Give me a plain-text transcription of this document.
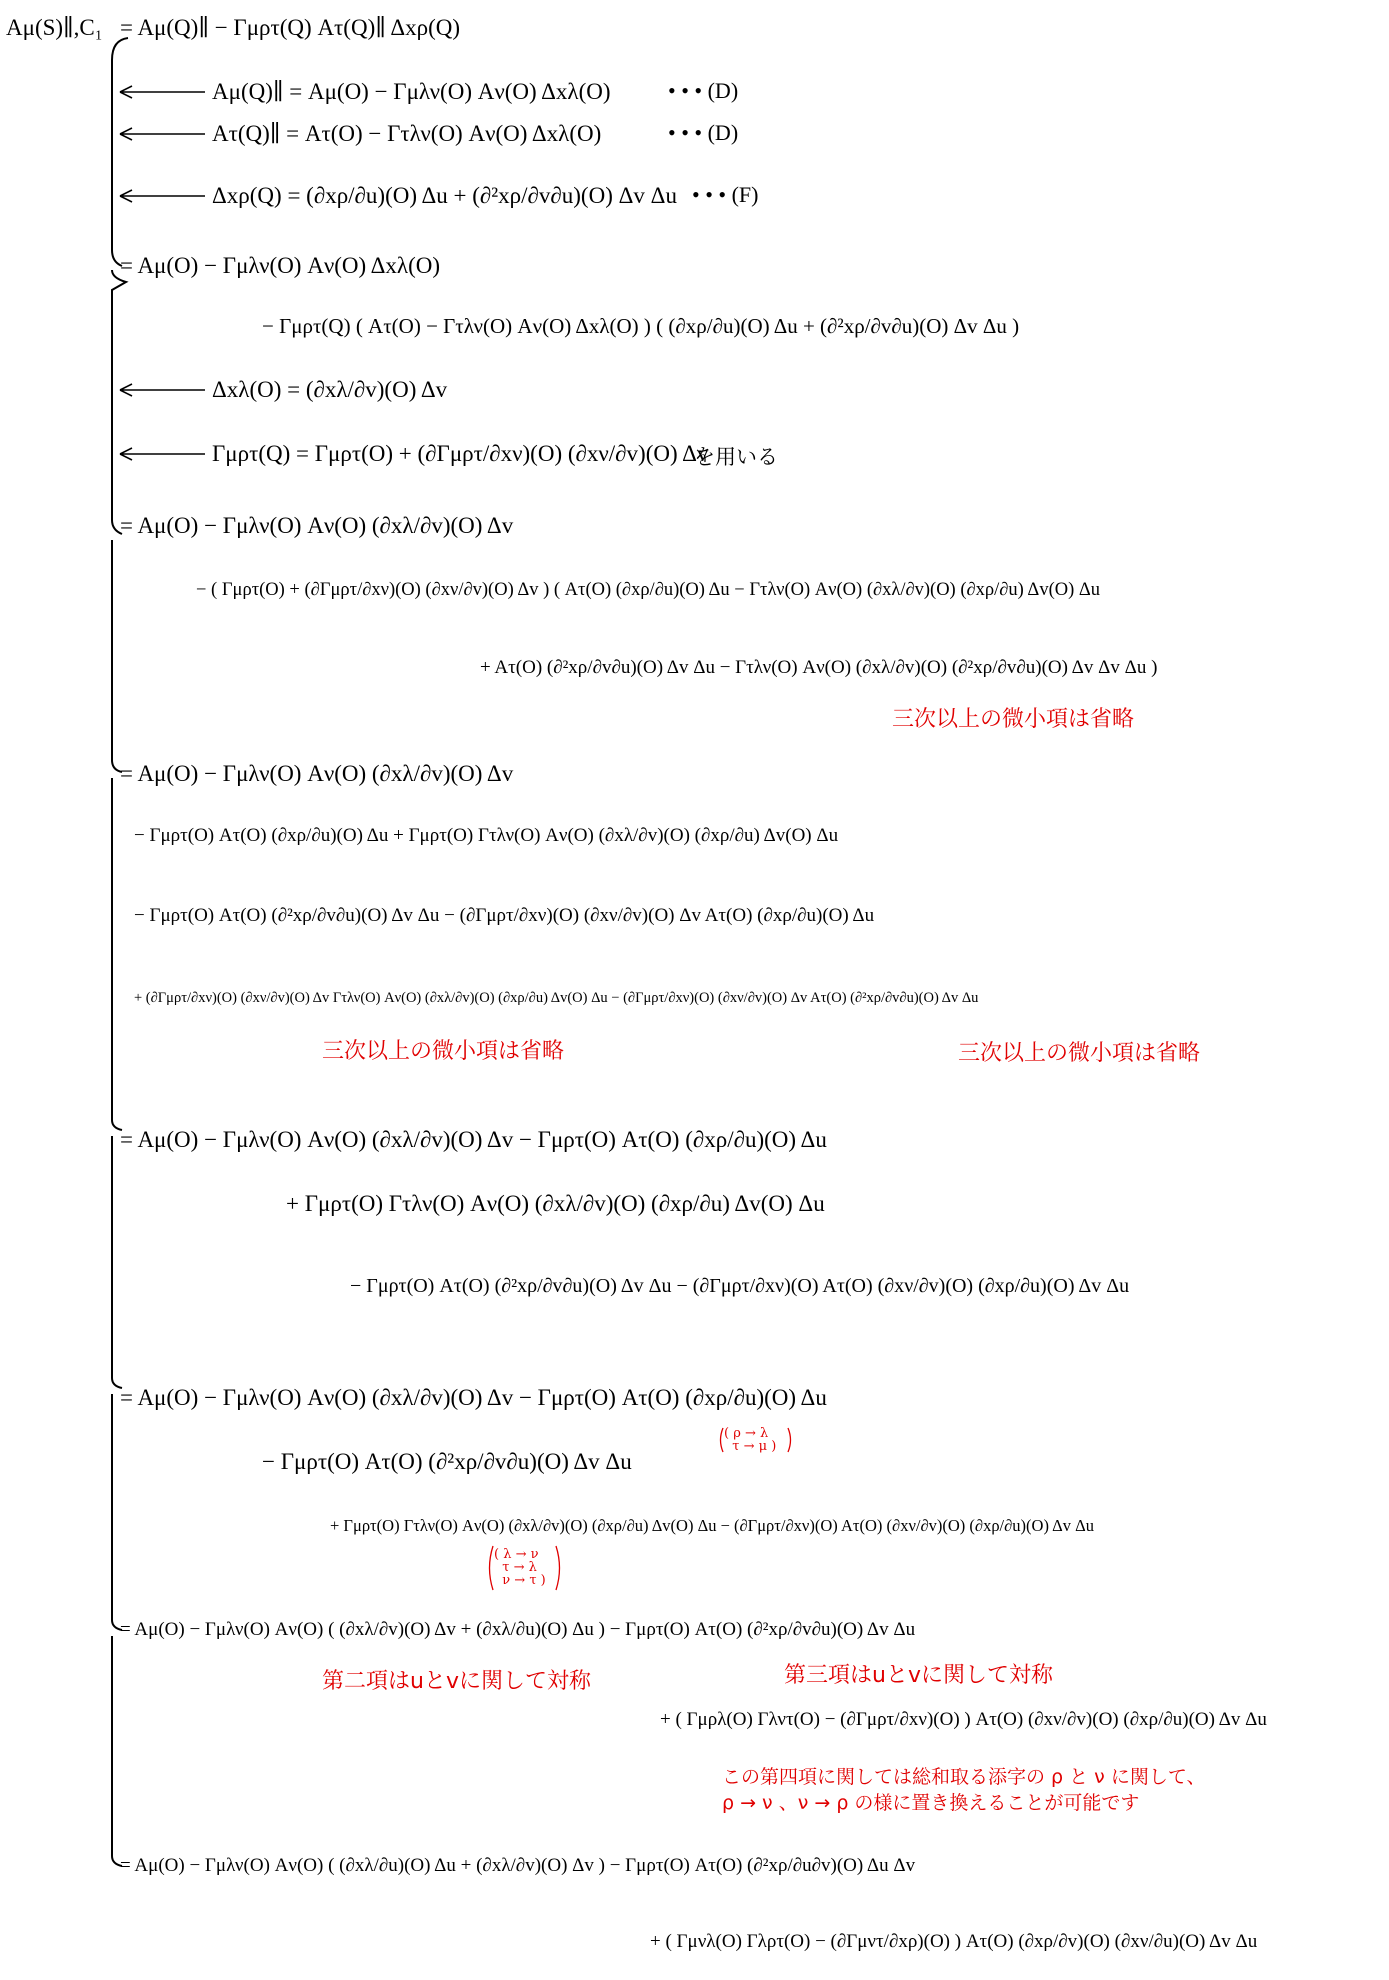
Aμ(S)∥,C₁ = Aμ(Q)∥ − Γμρτ(Q) Aτ(Q)∥ Δxρ(Q)
Aμ(Q)∥ = Aμ(O) − Γμλν(O) Aν(O) Δxλ(O)	• • • (D)
Aτ(Q)∥ = Aτ(O) − Γτλν(O) Aν(O) Δxλ(O)	• • • (D)
Δxρ(Q) = (∂xρ/∂u)(O) Δu + (∂²xρ/∂v∂u)(O) Δv Δu • • • (F)
= Aμ(O) − Γμλν(O) Aν(O) Δxλ(O)
− Γμρτ(Q) ( Aτ(O) − Γτλν(O) Aν(O) Δxλ(O) ) ( (∂xρ/∂u)(O) Δu + (∂²xρ/∂v∂u)(O) Δv Δu )
Δxλ(O) = (∂xλ/∂v)(O) Δv
Γμρτ(Q) = Γμρτ(O) + (∂Γμρτ/∂xν)(O) (∂xν/∂v)(O) Δv
を用いる
= Aμ(O) − Γμλν(O) Aν(O) (∂xλ/∂v)(O) Δv
− ( Γμρτ(O) + (∂Γμρτ/∂xν)(O) (∂xν/∂v)(O) Δv ) ( Aτ(O) (∂xρ/∂u)(O) Δu − Γτλν(O) Aν(O) (∂xλ/∂v)(O) (∂xρ/∂u) Δv(O) Δu
+ Aτ(O) (∂²xρ/∂v∂u)(O) Δv Δu − Γτλν(O) Aν(O) (∂xλ/∂v)(O) (∂²xρ/∂v∂u)(O) Δv Δv Δu )
三次以上の微小項は省略
= Aμ(O) − Γμλν(O) Aν(O) (∂xλ/∂v)(O) Δv
− Γμρτ(O) Aτ(O) (∂xρ/∂u)(O) Δu + Γμρτ(O) Γτλν(O) Aν(O) (∂xλ/∂v)(O) (∂xρ/∂u) Δv(O) Δu
− Γμρτ(O) Aτ(O) (∂²xρ/∂v∂u)(O) Δv Δu − (∂Γμρτ/∂xν)(O) (∂xν/∂v)(O) Δv Aτ(O) (∂xρ/∂u)(O) Δu
+ (∂Γμρτ/∂xν)(O) (∂xν/∂v)(O) Δv Γτλν(O) Aν(O) (∂xλ/∂v)(O) (∂xρ/∂u) Δv(O) Δu − (∂Γμρτ/∂xν)(O) (∂xν/∂v)(O) Δv Aτ(O) (∂²xρ/∂v∂u)(O) Δv Δu
三次以上の微小項は省略	三次以上の微小項は省略
= Aμ(O) − Γμλν(O) Aν(O) (∂xλ/∂v)(O) Δv − Γμρτ(O) Aτ(O) (∂xρ/∂u)(O) Δu
+ Γμρτ(O) Γτλν(O) Aν(O) (∂xλ/∂v)(O) (∂xρ/∂u) Δv(O) Δu
− Γμρτ(O) Aτ(O) (∂²xρ/∂v∂u)(O) Δv Δu − (∂Γμρτ/∂xν)(O) Aτ(O) (∂xν/∂v)(O) (∂xρ/∂u)(O) Δv Δu
= Aμ(O) − Γμλν(O) Aν(O) (∂xλ/∂v)(O) Δv − Γμρτ(O) Aτ(O) (∂xρ/∂u)(O) Δu
( ρ → λ
τ → μ )
− Γμρτ(O) Aτ(O) (∂²xρ/∂v∂u)(O) Δv Δu
+ Γμρτ(O) Γτλν(O) Aν(O) (∂xλ/∂v)(O) (∂xρ/∂u) Δv(O) Δu − (∂Γμρτ/∂xν)(O) Aτ(O) (∂xν/∂v)(O) (∂xρ/∂u)(O) Δv Δu
( λ → ν
τ → λ
ν → τ )
= Aμ(O) − Γμλν(O) Aν(O) ( (∂xλ/∂v)(O) Δv + (∂xλ/∂u)(O) Δu ) − Γμρτ(O) Aτ(O) (∂²xρ/∂v∂u)(O) Δv Δu
第二項はuとvに関して対称	第三項はuとvに関して対称
+ ( Γμρλ(O) Γλντ(O) − (∂Γμρτ/∂xν)(O) ) Aτ(O) (∂xν/∂v)(O) (∂xρ/∂u)(O) Δv Δu
この第四項に関しては総和取る添字の ρ と ν に関して、
ρ → ν 、ν → ρ の様に置き換えることが可能です
= Aμ(O) − Γμλν(O) Aν(O) ( (∂xλ/∂u)(O) Δu + (∂xλ/∂v)(O) Δv ) − Γμρτ(O) Aτ(O) (∂²xρ/∂u∂v)(O) Δu Δv
+ ( Γμνλ(O) Γλρτ(O) − (∂Γμντ/∂xρ)(O) ) Aτ(O) (∂xρ/∂v)(O) (∂xν/∂u)(O) Δv Δu
